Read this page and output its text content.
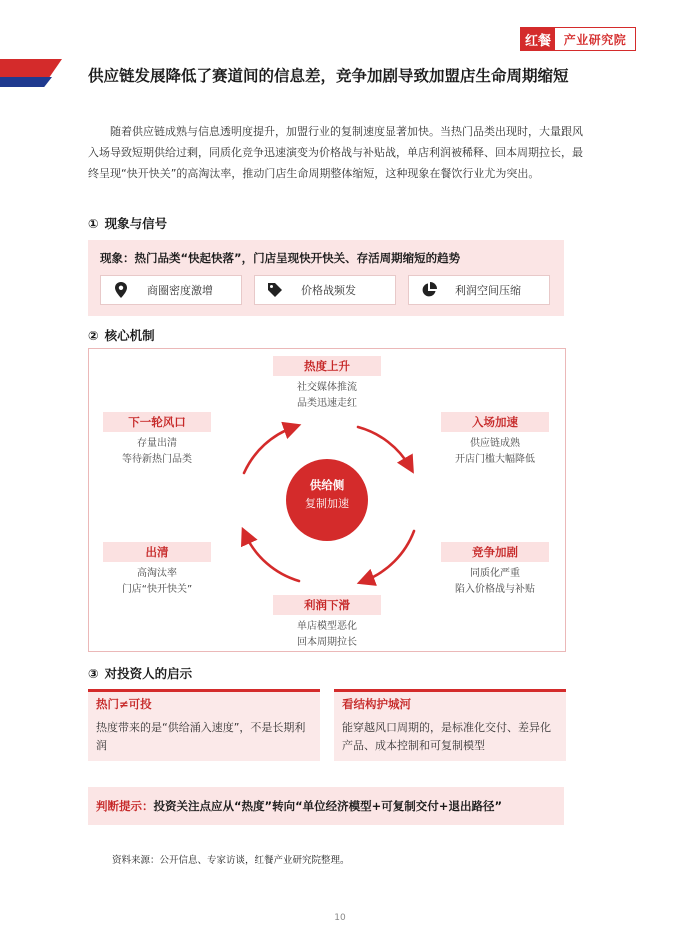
红餐	产业研究院
供应链发展降低了赛道间的信息差，竞争加剧导致加盟店生命周期缩短

随着供应链成熟与信息透明度提升，加盟行业的复制速度显著加快。当热门品类出现时，大量跟风入场导致短期供给过剩，同质化竞争迅速演变为价格战与补贴战，单店利润被稀释、回本周期拉长，最终呈现“快开快关”的高淘汰率，推动门店生命周期整体缩短，这种现象在餐饮行业尤为突出。

① 现象与信号
现象：热门品类“快起快落”，门店呈现快开快关、存活周期缩短的趋势
商圈密度激增	价格战频发	利润空间压缩
② 核心机制
供给侧
复制加速
热度上升
社交媒体推流
品类迅速走红
入场加速
供应链成熟
开店门槛大幅降低
竞争加剧
同质化严重
陷入价格战与补贴
利润下滑
单店模型恶化
回本周期拉长
出清
高淘汰率
门店“快开快关”
下一轮风口
存量出清
等待新热门品类
③ 对投资人的启示
热门≠可投
热度带来的是“供给涌入速度”，不是长期利润
看结构护城河
能穿越风口周期的，是标准化交付、差异化产品、成本控制和可复制模型
判断提示： 投资关注点应从“热度”转向“单位经济模型+可复制交付+退出路径”
资料来源：公开信息、专家访谈，红餐产业研究院整理。
10
